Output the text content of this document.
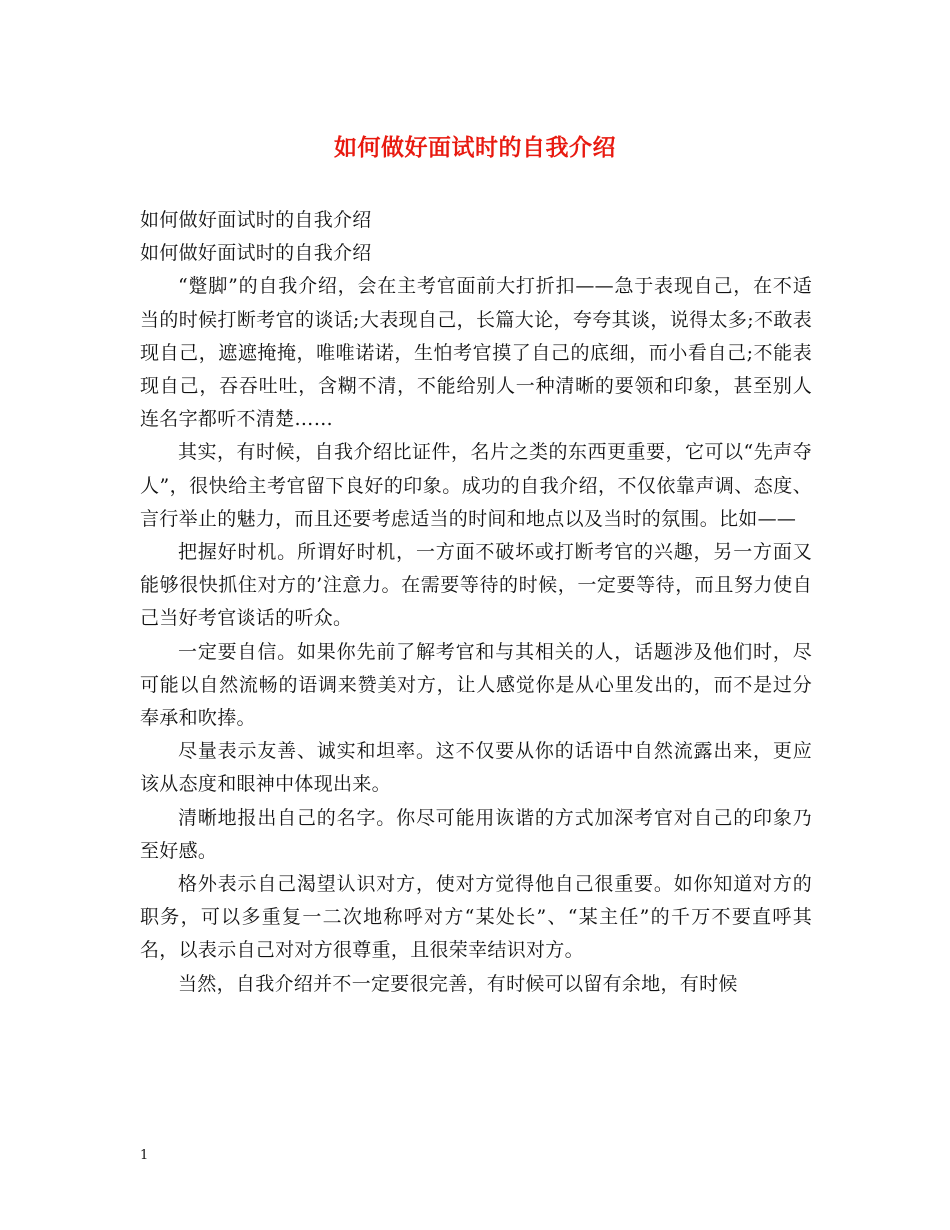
如何做好面试时的自我介绍

如何做好面试时的自我介绍

如何做好面试时的自我介绍

“蹩脚”的自我介绍，会在主考官面前大打折扣——急于表现自己，在不适当的时候打断考官的谈话;大表现自己，长篇大论，夸夸其谈，说得太多;不敢表现自己，遮遮掩掩，唯唯诺诺，生怕考官摸了自己的底细，而小看自己;不能表现自己，吞吞吐吐，含糊不清，不能给别人一种清晰的要领和印象，甚至别人连名字都听不清楚……

其实，有时候，自我介绍比证件，名片之类的东西更重要，它可以“先声夺人”，很快给主考官留下良好的印象。成功的自我介绍，不仅依靠声调、态度、言行举止的魅力，而且还要考虑适当的时间和地点以及当时的氛围。比如——

把握好时机。所谓好时机，一方面不破坏或打断考官的兴趣，另一方面又能够很快抓住对方的’注意力。在需要等待的时候，一定要等待，而且努力使自己当好考官谈话的听众。

一定要自信。如果你先前了解考官和与其相关的人，话题涉及他们时，尽可能以自然流畅的语调来赞美对方，让人感觉你是从心里发出的，而不是过分奉承和吹捧。

尽量表示友善、诚实和坦率。这不仅要从你的话语中自然流露出来，更应该从态度和眼神中体现出来。

清晰地报出自己的名字。你尽可能用诙谐的方式加深考官对自己的印象乃至好感。

格外表示自己渴望认识对方，使对方觉得他自己很重要。如你知道对方的职务，可以多重复一二次地称呼对方“某处长”、“某主任”的千万不要直呼其名，以表示自己对对方很尊重，且很荣幸结识对方。

当然，自我介绍并不一定要很完善，有时候可以留有余地，有时候

1
